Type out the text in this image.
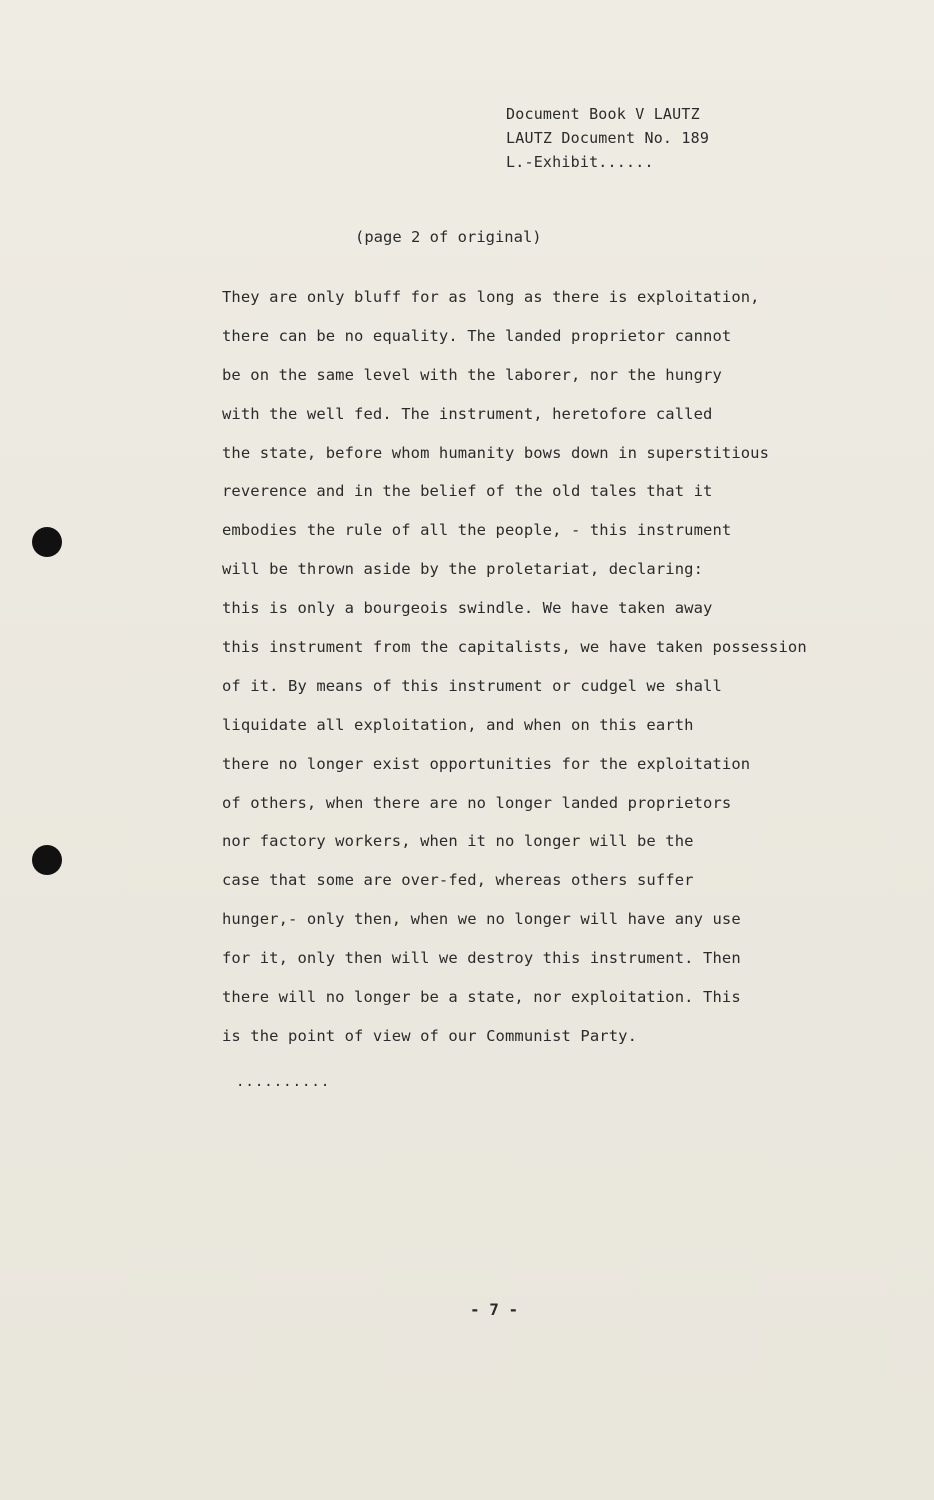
Document Book V LAUTZ
LAUTZ Document No. 189
L.-Exhibit......
(page 2 of original)
They are only bluff for as long as there is exploitation,
there can be no equality. The landed proprietor cannot
be on the same level with the laborer, nor the hungry
with the well fed. The instrument, heretofore called
the state, before whom humanity bows down in superstitious
reverence and in the belief of the old tales that it
embodies the rule of all the people, - this instrument
will be thrown aside by the proletariat, declaring:
this is only a bourgeois swindle. We have taken away
this instrument from the capitalists, we have taken possession
of it. By means of this instrument or cudgel we shall
liquidate all exploitation, and when on this earth
there no longer exist opportunities for the exploitation
of others, when there are no longer landed proprietors
nor factory workers, when it no longer will be the
case that some are over-fed, whereas others suffer
hunger,- only then, when we no longer will have any use
for it, only then will we destroy this instrument. Then
there will no longer be a state, nor exploitation. This
is the point of view of our Communist Party.
..........
- 7 -
